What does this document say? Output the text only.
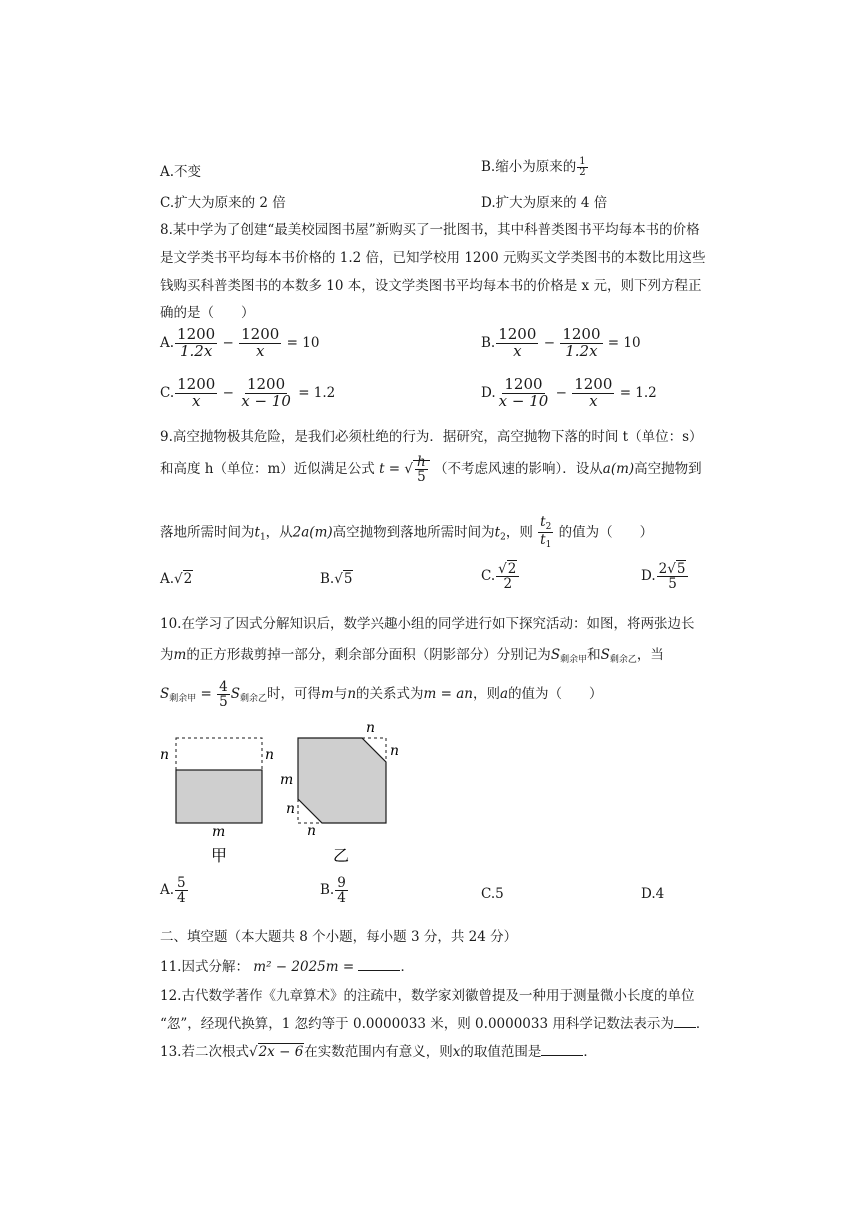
A.不变	B.缩小为原来的 $\frac{1}{2}$
C.扩大为原来的 2 倍	D.扩大为原来的 4 倍
8.某中学为了创建“最美校园图书屋”新购买了一批图书，其中科普类图书平均每本书的价格
是文学类书平均每本书价格的 1.2 倍，已知学校用 1200 元购买文学类图书的本数比用这些
钱购买科普类图书的本数多 10 本，设文学类图书平均每本书的价格是 x 元，则下列方程正
确的是（　　）
A. $\frac{1200}{1.2x} - \frac{1200}{x} = 10$	B. $\frac{1200}{x} - \frac{1200}{1.2x} = 10$
C. $\frac{1200}{x} - \frac{1200}{x - 10} = 1.2$	D. $\frac{1200}{x - 10} - \frac{1200}{x} = 1.2$
9.高空抛物极其危险，是我们必须杜绝的行为．据研究，高空抛物下落的时间 t（单位：s）
和高度 h（单位：m）近似满足公式 t = √ $\frac{h}{5}$ （不考虑风速的影响）．设从a(m)高空抛物到
落地所需时间为$t_1$，从2a(m)高空抛物到落地所需时间为$t_2$，则 $\frac{t_2}{t_1}$ 的值为（　　）
A.√2	B.√5	C. $\frac{√2}{2}$	D. $\frac{2√5}{5}$
10.在学习了因式分解知识后，数学兴趣小组的同学进行如下探究活动：如图，将两张边长
为m的正方形裁剪掉一部分，剩余部分面积（阴影部分）分别记为$S_{剩余甲}$和$S_{剩余乙}$，当
$S_{剩余甲} = \frac{4}{5} S_{剩余乙}$时，可得m与n的关系式为m = an，则a的值为（　　）
n	n
m
甲
n
n
m
n
n
乙
A. $\frac{5}{4}$	B. $\frac{9}{4}$	C.5	D.4
二、填空题（本大题共 8 个小题，每小题 3 分，共 24 分）
11.因式分解： m² − 2025m =	．
12.古代数学著作《九章算术》的注疏中，数学家刘徽曾提及一种用于测量微小长度的单位
“忽”，经现代换算，1 忽约等于 0.0000033 米，则 0.0000033 用科学记数法表示为 ．
13.若二次根式√2x − 6在实数范围内有意义，则x的取值范围是	．
